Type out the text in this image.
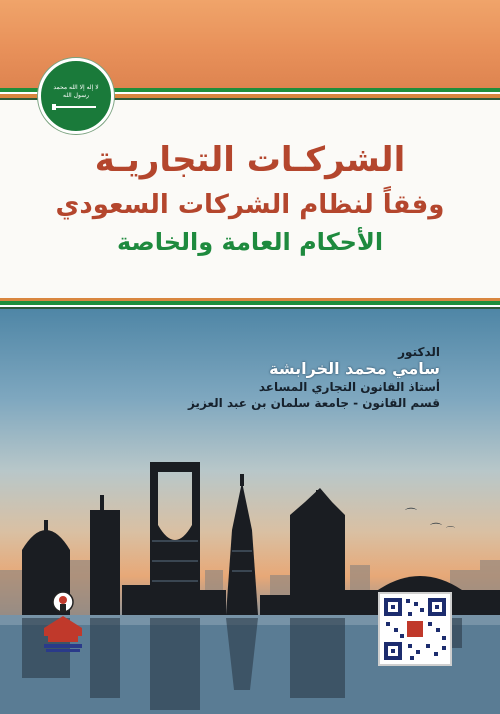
الشركـات التجاريـة
وفقاً لنظام الشركات السعودي
الأحكام العامة والخاصة
لا إله إلا الله محمد رسول الله
الدكتور
سامي محمد الخرابشة
أستاذ القانون التجاري المساعد
قسم القانون - جامعة سلمان بن عبد العزيز
⌒
⌒ ⌒
